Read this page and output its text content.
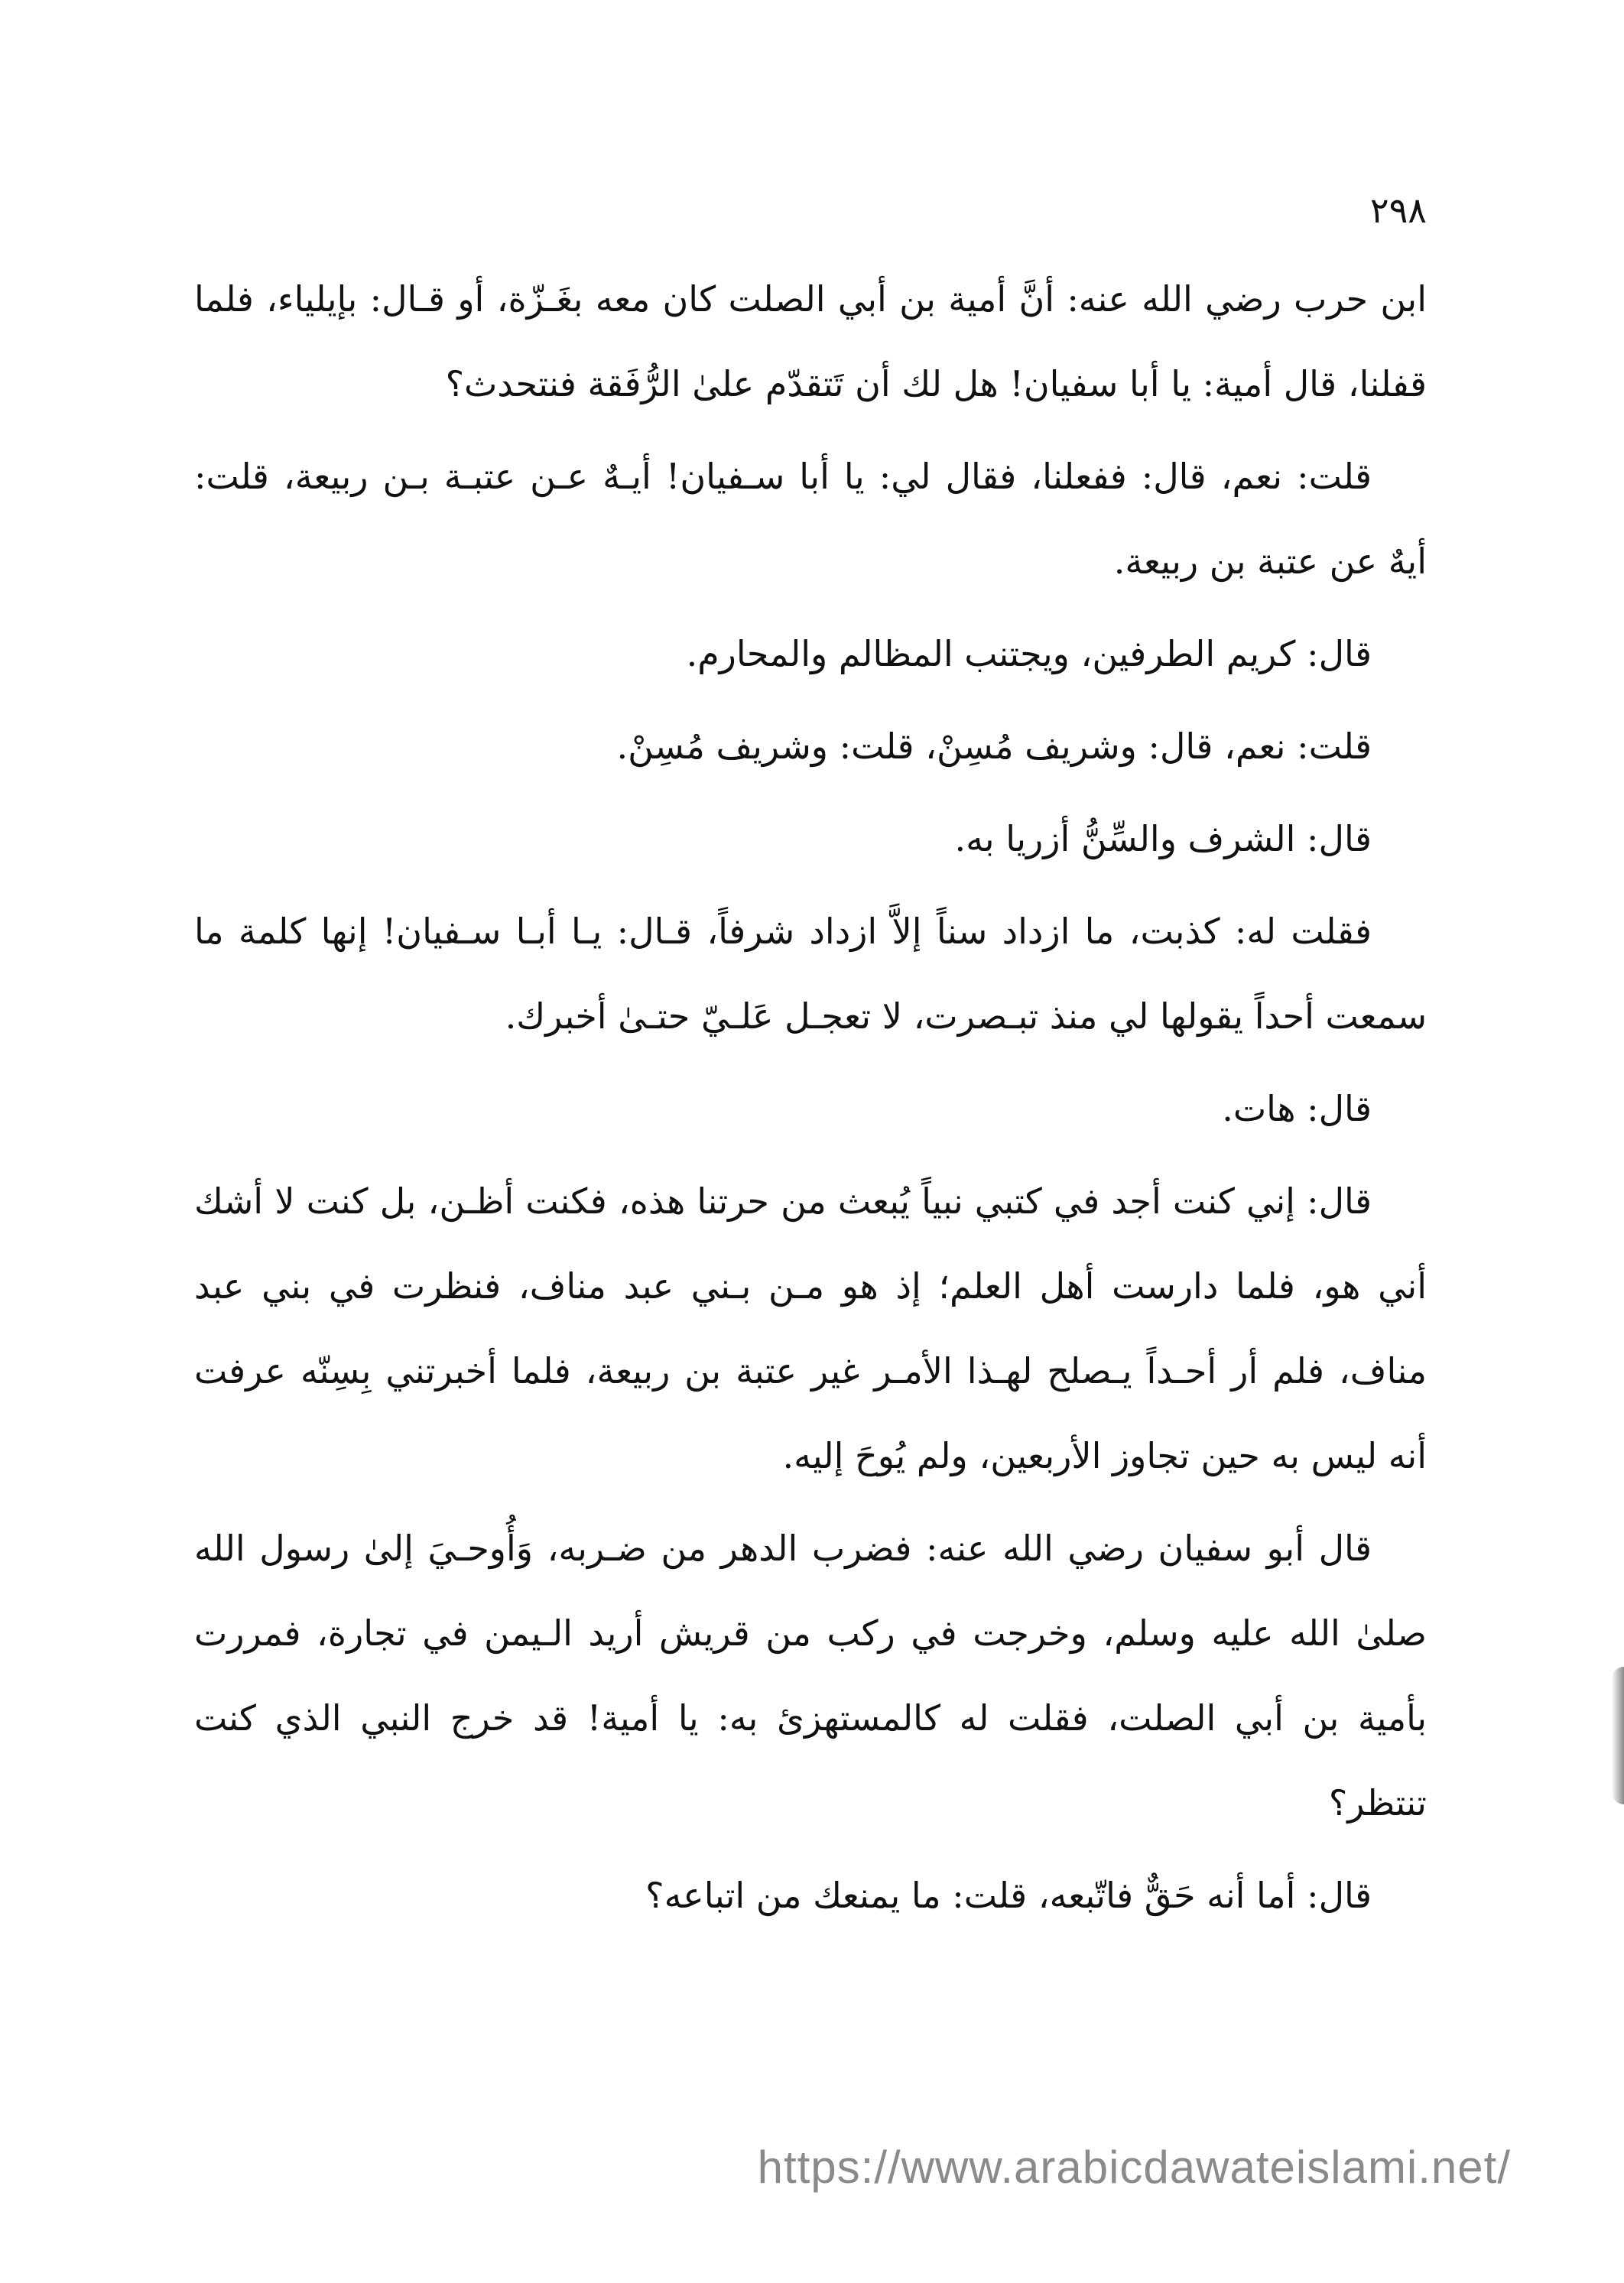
٢٩٨

ابن حرب رضي الله عنه: أنَّ أمية بن أبي الصلت كان معه بغَـزّة، أو قـال: بإيلياء، فلما قفلنا، قال أمية: يا أبا سفيان! هل لك أن تَتقدّم علىٰ الرُّفَقة فنتحدث؟

قلت: نعم، قال: ففعلنا، فقال لي: يا أبا سـفيان! أيـهٌ عـن عتبـة بـن ربيعة، قلت: أيهٌ عن عتبة بن ربيعة.

قال: كريم الطرفين، ويجتنب المظالم والمحارم.

قلت: نعم، قال: وشريف مُسِنْ، قلت: وشريف مُسِنْ.

قال: الشرف والسِّنُّ أزريا به.

فقلت له: كذبت، ما ازداد سناً إلاَّ ازداد شرفاً، قـال: يـا أبـا سـفيان! إنها كلمة ما سمعت أحداً يقولها لي منذ تبـصرت، لا تعجـل عَلـيّ حتـىٰ أخبرك.

قال: هات.

قال: إني كنت أجد في كتبي نبياً يُبعث من حرتنا هذه، فكنت أظـن، بل كنت لا أشك أني هو، فلما دارست أهل العلم؛ إذ هو مـن بـني عبد مناف، فنظرت في بني عبد مناف، فلم أر أحـداً يـصلح لهـذا الأمـر غير عتبة بن ربيعة، فلما أخبرتني بِسِنّه عرفت أنه ليس به حين تجاوز الأربعين، ولم يُوحَ إليه.

قال أبو سفيان رضي الله عنه: فضرب الدهر من ضـربه، وَأُوحـيَ إلىٰ رسول الله صلىٰ الله عليه وسلم، وخرجت في ركب من قريش أريد الـيمن في تجارة، فمررت بأمية بن أبي الصلت، فقلت له كالمستهزئ به: يا أمية! قد خرج النبي الذي كنت تنتظر؟

قال: أما أنه حَقٌّ فاتّبعه، قلت: ما يمنعك من اتباعه؟

https://www.arabicdawateislami.net/
